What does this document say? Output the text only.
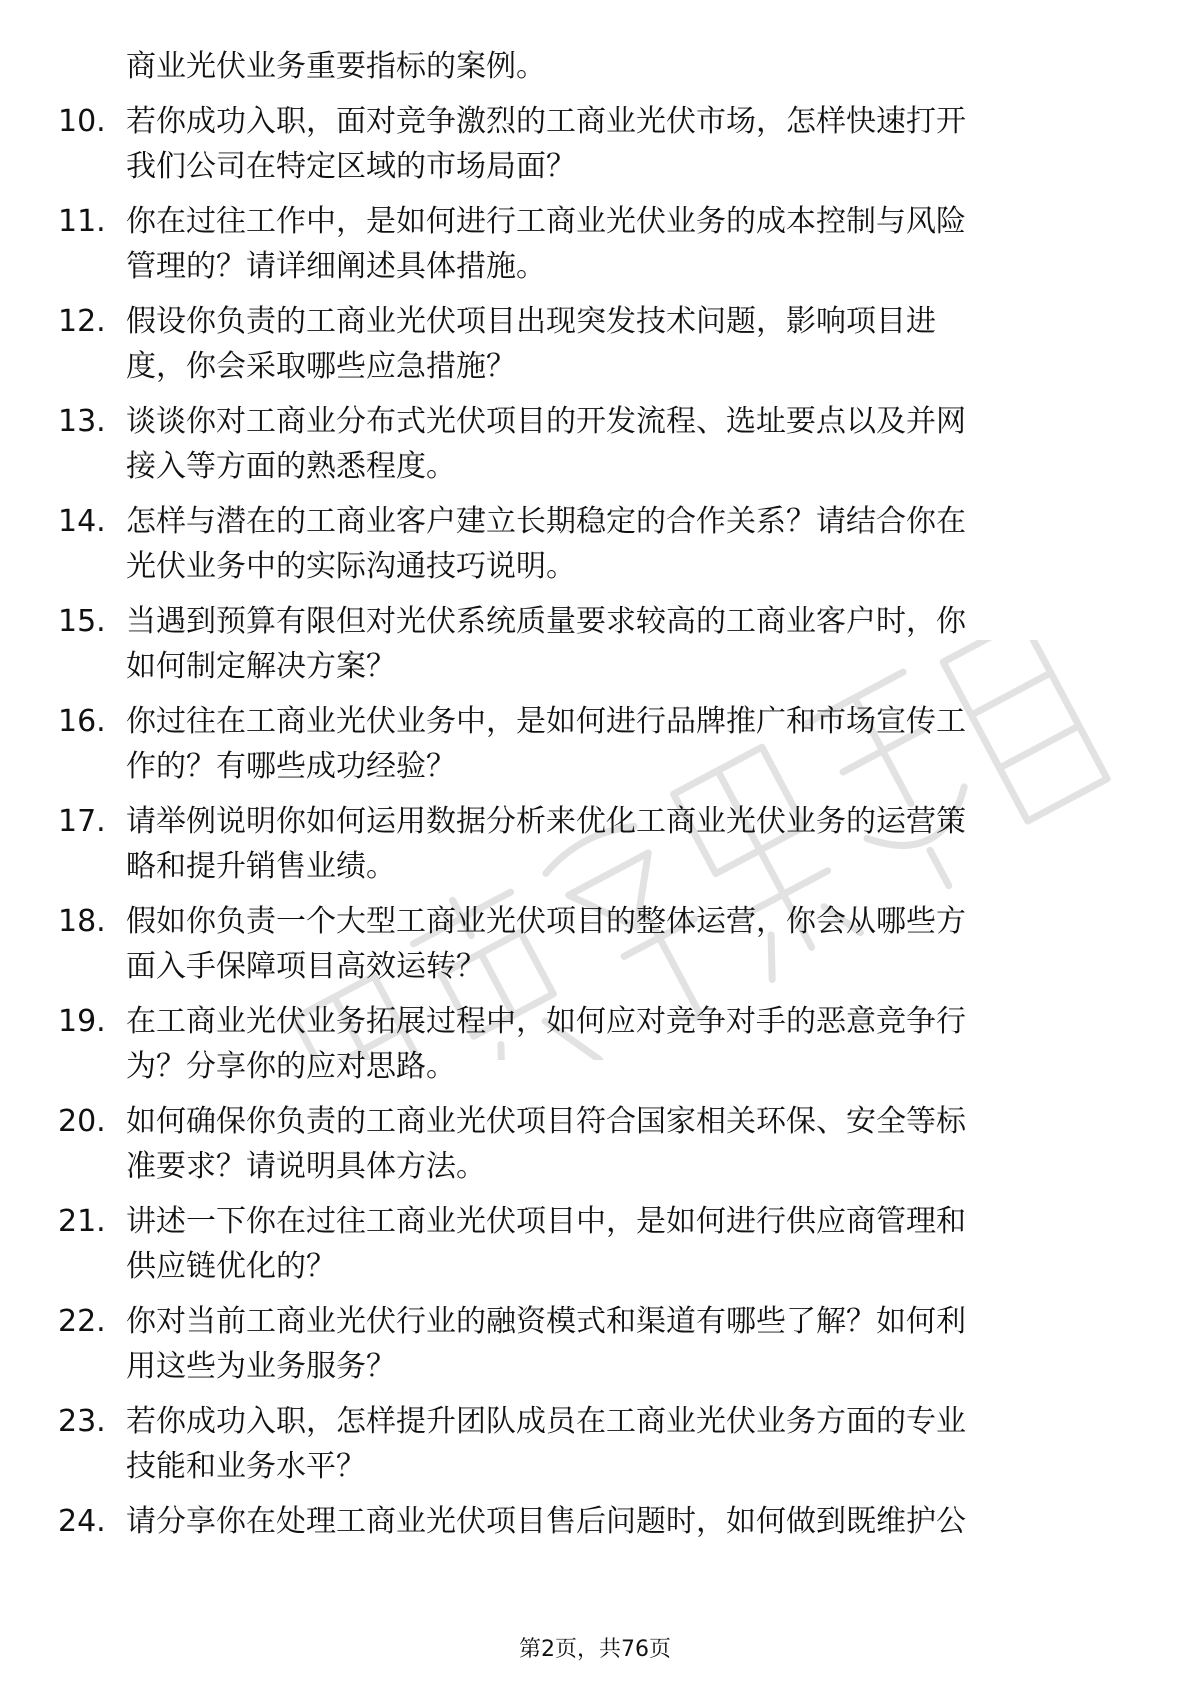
商业光伏业务重要指标的案例。
10. 若你成功入职，面对竞争激烈的工商业光伏市场，怎样快速打开
我们公司在特定区域的市场局面？
11. 你在过往工作中，是如何进行工商业光伏业务的成本控制与风险
管理的？请详细阐述具体措施。
12. 假设你负责的工商业光伏项目出现突发技术问题，影响项目进
度，你会采取哪些应急措施？
13. 谈谈你对工商业分布式光伏项目的开发流程、选址要点以及并网
接入等方面的熟悉程度。
14. 怎样与潜在的工商业客户建立长期稳定的合作关系？请结合你在
光伏业务中的实际沟通技巧说明。
15. 当遇到预算有限但对光伏系统质量要求较高的工商业客户时，你
如何制定解决方案？
16. 你过往在工商业光伏业务中，是如何进行品牌推广和市场宣传工
作的？有哪些成功经验？
17. 请举例说明你如何运用数据分析来优化工商业光伏业务的运营策
略和提升销售业绩。
18. 假如你负责一个大型工商业光伏项目的整体运营，你会从哪些方
面入手保障项目高效运转？
19. 在工商业光伏业务拓展过程中，如何应对竞争对手的恶意竞争行
为？分享你的应对思路。
20. 如何确保你负责的工商业光伏项目符合国家相关环保、安全等标
准要求？请说明具体方法。
21. 讲述一下你在过往工商业光伏项目中，是如何进行供应商管理和
供应链优化的？
22. 你对当前工商业光伏行业的融资模式和渠道有哪些了解？如何利
用这些为业务服务？
23. 若你成功入职，怎样提升团队成员在工商业光伏业务方面的专业
技能和业务水平？
24. 请分享你在处理工商业光伏项目售后问题时，如何做到既维护公
第2页，共76页
